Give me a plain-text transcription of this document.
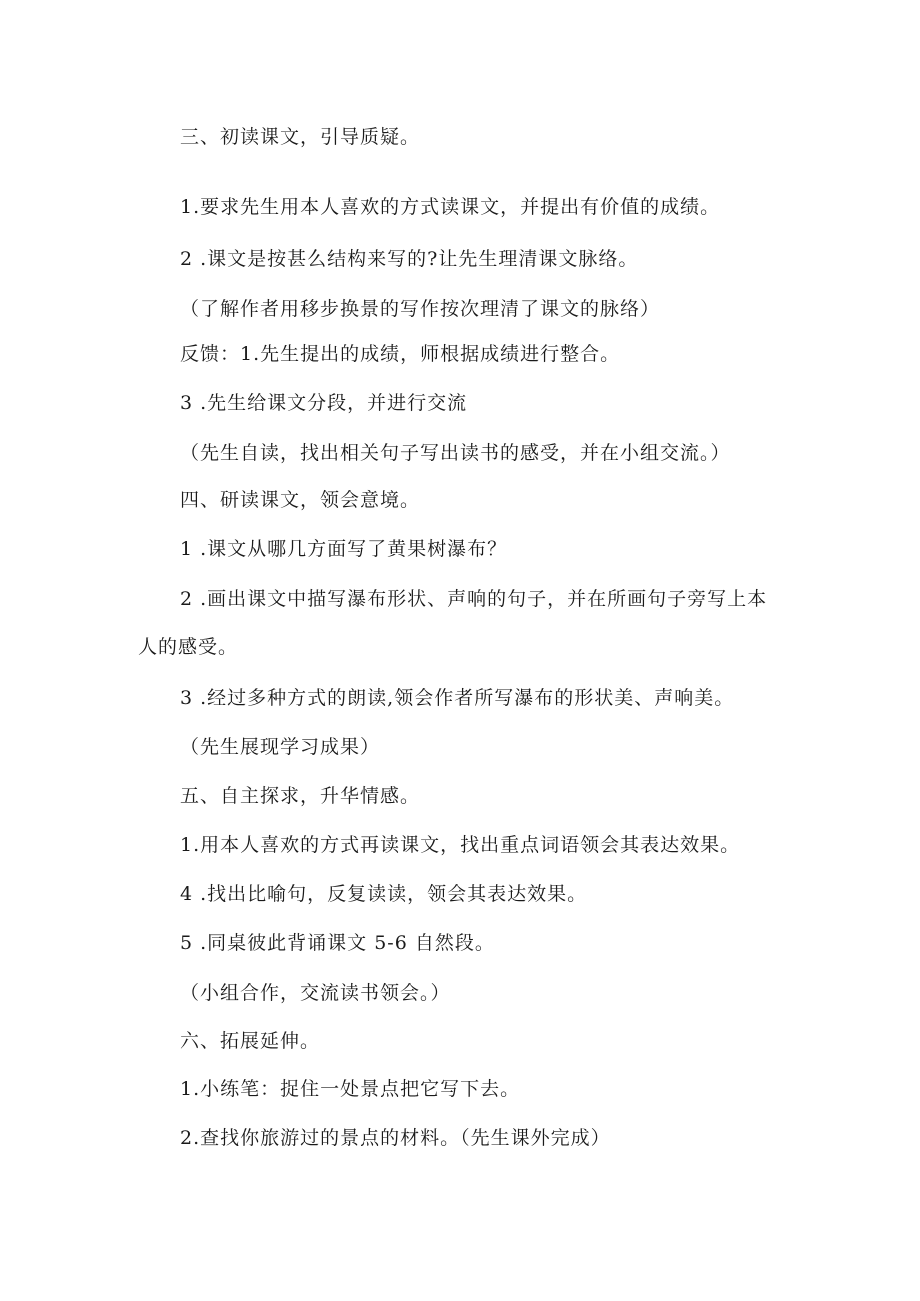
三、初读课文，引导质疑。

1.要求先生用本人喜欢的方式读课文，并提出有价值的成绩。

2 .课文是按甚么结构来写的?让先生理清课文脉络。

（了解作者用移步换景的写作按次理清了课文的脉络）

反馈：1.先生提出的成绩，师根据成绩进行整合。

3 .先生给课文分段，并进行交流

（先生自读，找出相关句子写出读书的感受，并在小组交流。）

四、研读课文，领会意境。

1 .课文从哪几方面写了黄果树瀑布？

2 .画出课文中描写瀑布形状、声响的句子，并在所画句子旁写上本

人的感受。

3 .经过多种方式的朗读,领会作者所写瀑布的形状美、声响美。

（先生展现学习成果）

五、自主探求，升华情感。

1.用本人喜欢的方式再读课文，找出重点词语领会其表达效果。

4 .找出比喻句，反复读读，领会其表达效果。

5 .同桌彼此背诵课文 5-6 自然段。

（小组合作，交流读书领会。）

六、拓展延伸。

1.小练笔：捉住一处景点把它写下去。

2.查找你旅游过的景点的材料。（先生课外完成）
